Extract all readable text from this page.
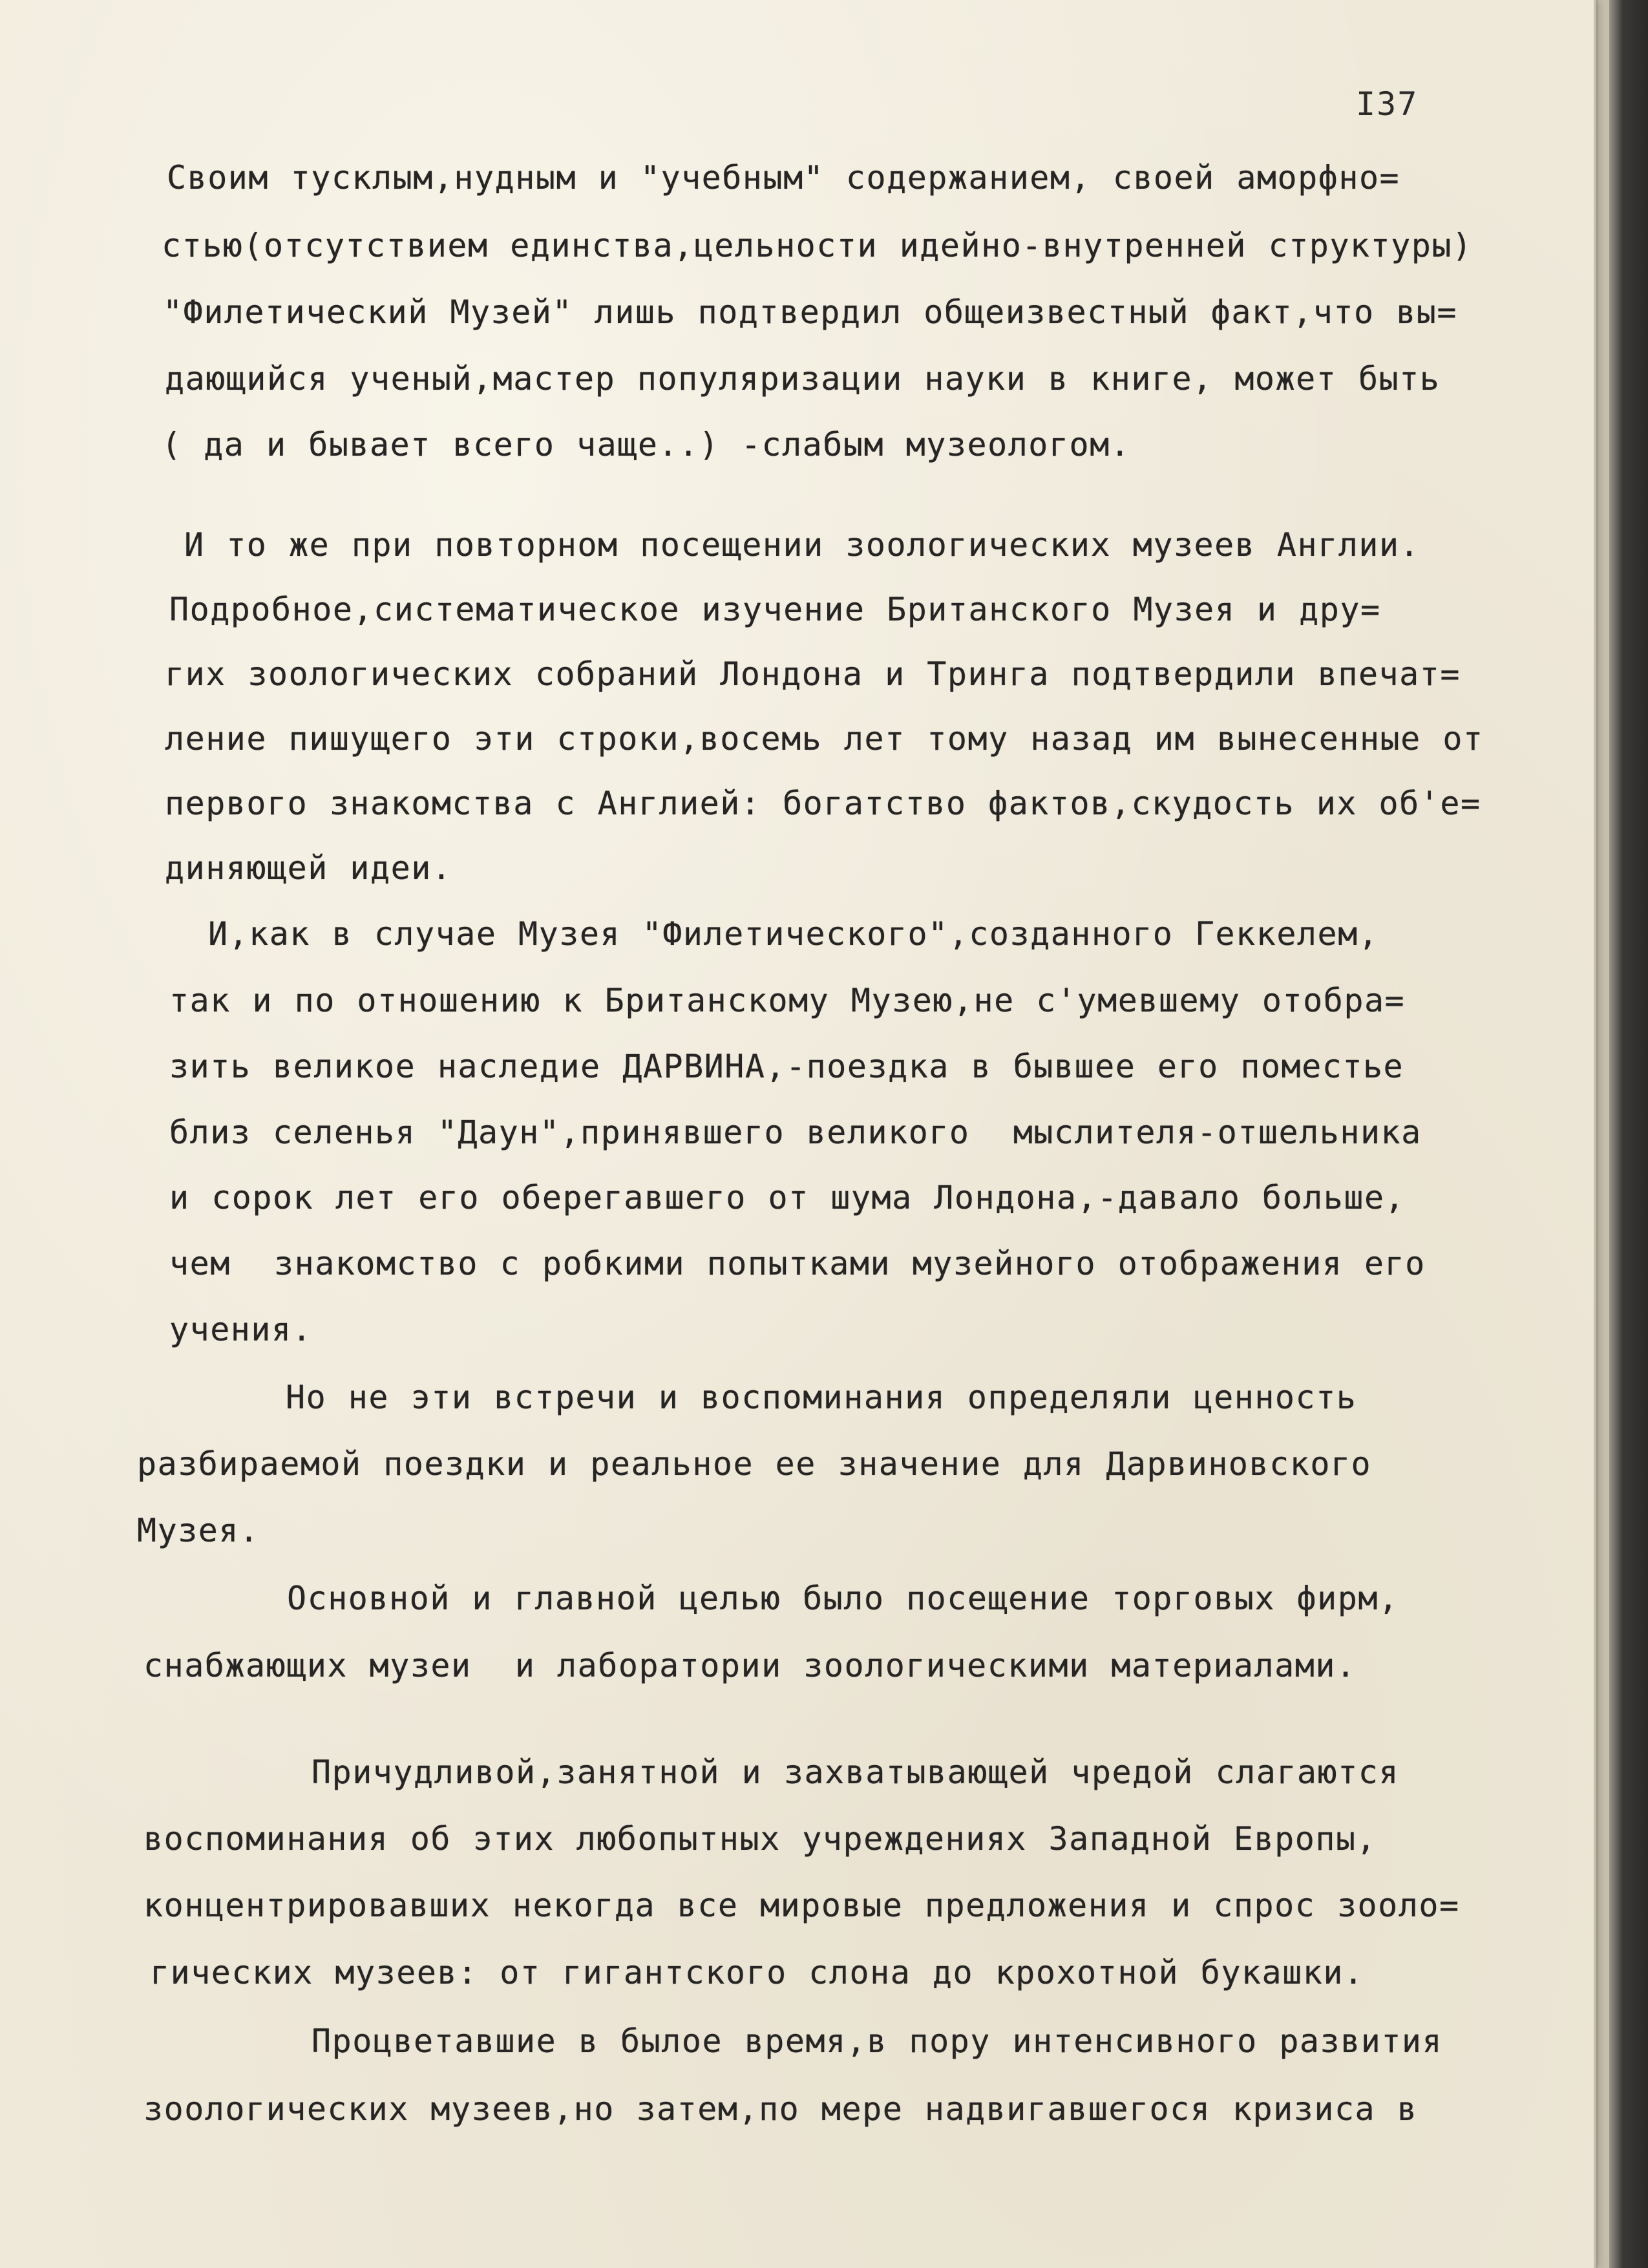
I37
Своим тусклым,нудным и "учебным" содержанием, своей аморфно=
стью(отсутствием единства,цельности идейно-внутренней структуры)
"Филетический Музей" лишь подтвердил общеизвестный факт,что вы=
дающийся ученый,мастер популяризации науки в книге, может быть
( да и бывает всего чаще..) -слабым музеологом.
И то же при повторном посещении зоологических музеев Англии.
Подробное,систематическое изучение Британского Музея и дру=
гих зоологических собраний Лондона и Тринга подтвердили впечат=
ление пишущего эти строки,восемь лет тому назад им вынесенные от
первого знакомства с Англией: богатство фактов,скудость их об'е=
диняющей идеи.
И,как в случае Музея "Филетического",созданного Геккелем,
так и по отношению к Британскому Музею,не с'умевшему отобра=
зить великое наследие ДАРВИНА,-поездка в бывшее его поместье
близ селенья "Даун",принявшего великого  мыслителя-отшельника
и сорок лет его оберегавшего от шума Лондона,-давало больше,
чем  знакомство с робкими попытками музейного отображения его
учения.
Но не эти встречи и воспоминания определяли ценность
разбираемой поездки и реальное ее значение для Дарвиновского
Музея.
Основной и главной целью было посещение торговых фирм,
снабжающих музеи  и лаборатории зоологическими материалами.
Причудливой,занятной и захватывающей чредой слагаются
воспоминания об этих любопытных учреждениях Западной Европы,
концентрировавших некогда все мировые предложения и спрос зооло=
гических музеев: от гигантского слона до крохотной букашки.
Процветавшие в былое время,в пору интенсивного развития
зоологических музеев,но затем,по мере надвигавшегося кризиса в
